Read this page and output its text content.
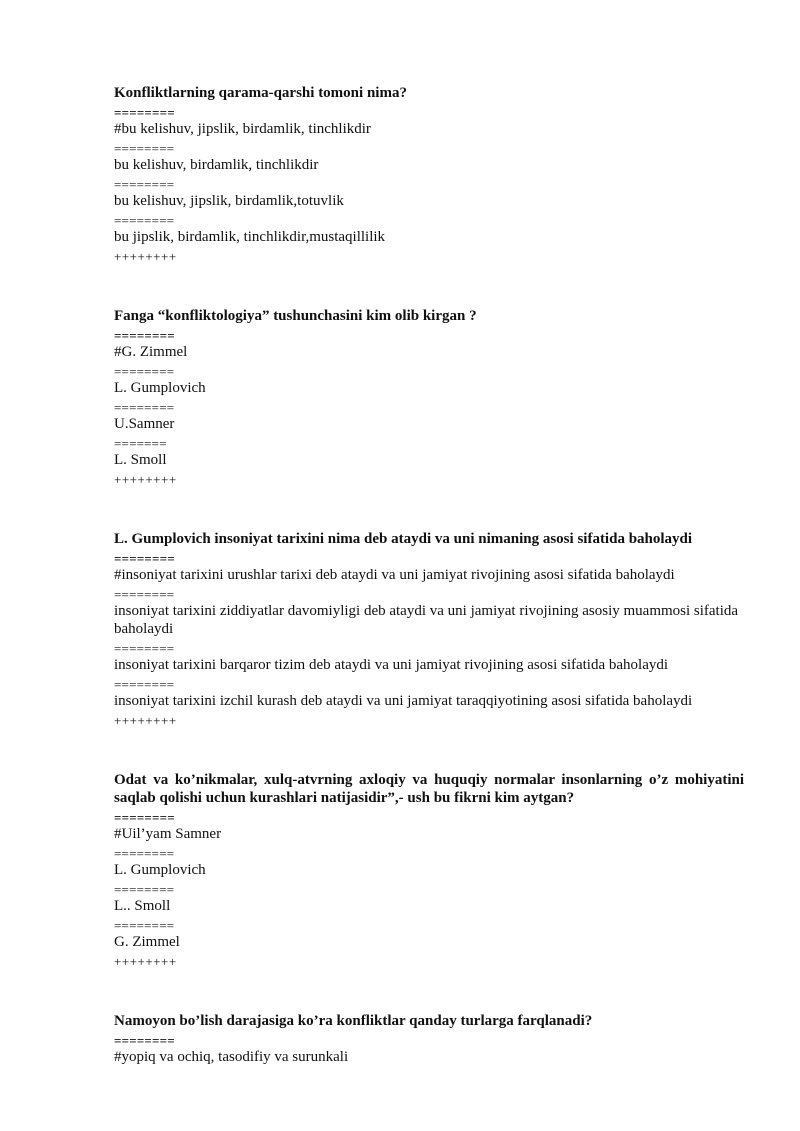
Konfliktlarning qarama-qarshi tomoni nima?

========

#bu kelishuv, jipslik, birdamlik, tinchlikdir

========

bu kelishuv, birdamlik, tinchlikdir

========

bu kelishuv, jipslik, birdamlik,totuvlik

========

bu jipslik, birdamlik, tinchlikdir,mustaqillilik

++++++++

Fanga “konfliktologiya” tushunchasini kim olib kirgan ?

========

#G. Zimmel

========

L. Gumplovich

========

U.Samner

=======

L. Smoll

++++++++

L. Gumplovich insoniyat tarixini nima deb ataydi va uni nimaning asosi sifatida baholaydi

========

#insoniyat tarixini urushlar tarixi deb ataydi va uni jamiyat rivojining asosi sifatida baholaydi

========

insoniyat tarixini ziddiyatlar davomiyligi deb ataydi va uni jamiyat rivojining asosiy muammosi sifatida baholaydi

========

insoniyat tarixini barqaror tizim deb ataydi va uni jamiyat rivojining asosi sifatida baholaydi

========

insoniyat tarixini izchil kurash deb ataydi va uni jamiyat taraqqiyotining asosi sifatida baholaydi

++++++++

Odat va ko’nikmalar, xulq-atvrning axloqiy va huquqiy normalar insonlarning o’z mohiyatini saqlab qolishi uchun kurashlari natijasidir”,- ush bu fikrni kim aytgan?

========

#Uil’yam Samner

========

L. Gumplovich

========

L.. Smoll

========

G. Zimmel

++++++++

Namoyon bo’lish darajasiga ko’ra konfliktlar qanday turlarga farqlanadi?

========

#yopiq va ochiq, tasodifiy va surunkali
